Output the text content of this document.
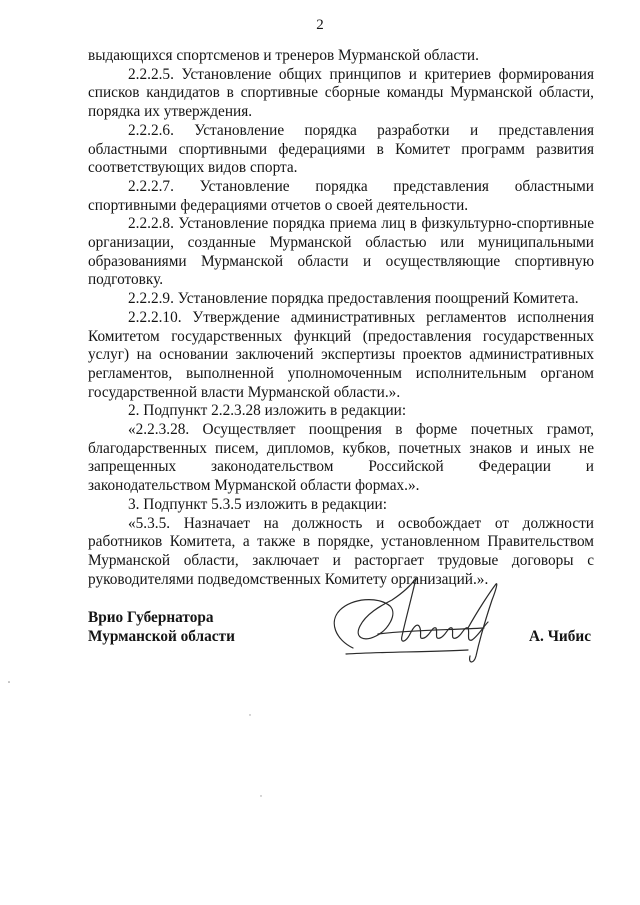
2

выдающихся спортсменов и тренеров Мурманской области.

2.2.2.5. Установление общих принципов и критериев формирования списков кандидатов в спортивные сборные команды Мурманской области, порядка их утверждения.

2.2.2.6. Установление порядка разработки и представления областными спортивными федерациями в Комитет программ развития соответствующих видов спорта.

2.2.2.7. Установление порядка представления областными спортивными федерациями отчетов о своей деятельности.

2.2.2.8. Установление порядка приема лиц в физкультурно-спортивные организации, созданные Мурманской областью или муниципальными образованиями Мурманской области и осуществляющие спортивную подготовку.

2.2.2.9. Установление порядка предоставления поощрений Комитета.

2.2.2.10. Утверждение административных регламентов исполнения Комитетом государственных функций (предоставления государственных услуг) на основании заключений экспертизы проектов административных регламентов, выполненной уполномоченным исполнительным органом государственной власти Мурманской области.».

2. Подпункт 2.2.3.28 изложить в редакции:

«2.2.3.28. Осуществляет поощрения в форме почетных грамот, благодарственных писем, дипломов, кубков, почетных знаков и иных не запрещенных законодательством Российской Федерации и законодательством Мурманской области формах.».

3. Подпункт 5.3.5 изложить в редакции:

«5.3.5. Назначает на должность и освобождает от должности работников Комитета, а также в порядке, установленном Правительством Мурманской области, заключает и расторгает трудовые договоры с руководителями подведомственных Комитету организаций.».

Врио Губернатора
Мурманской области	А. Чибис
